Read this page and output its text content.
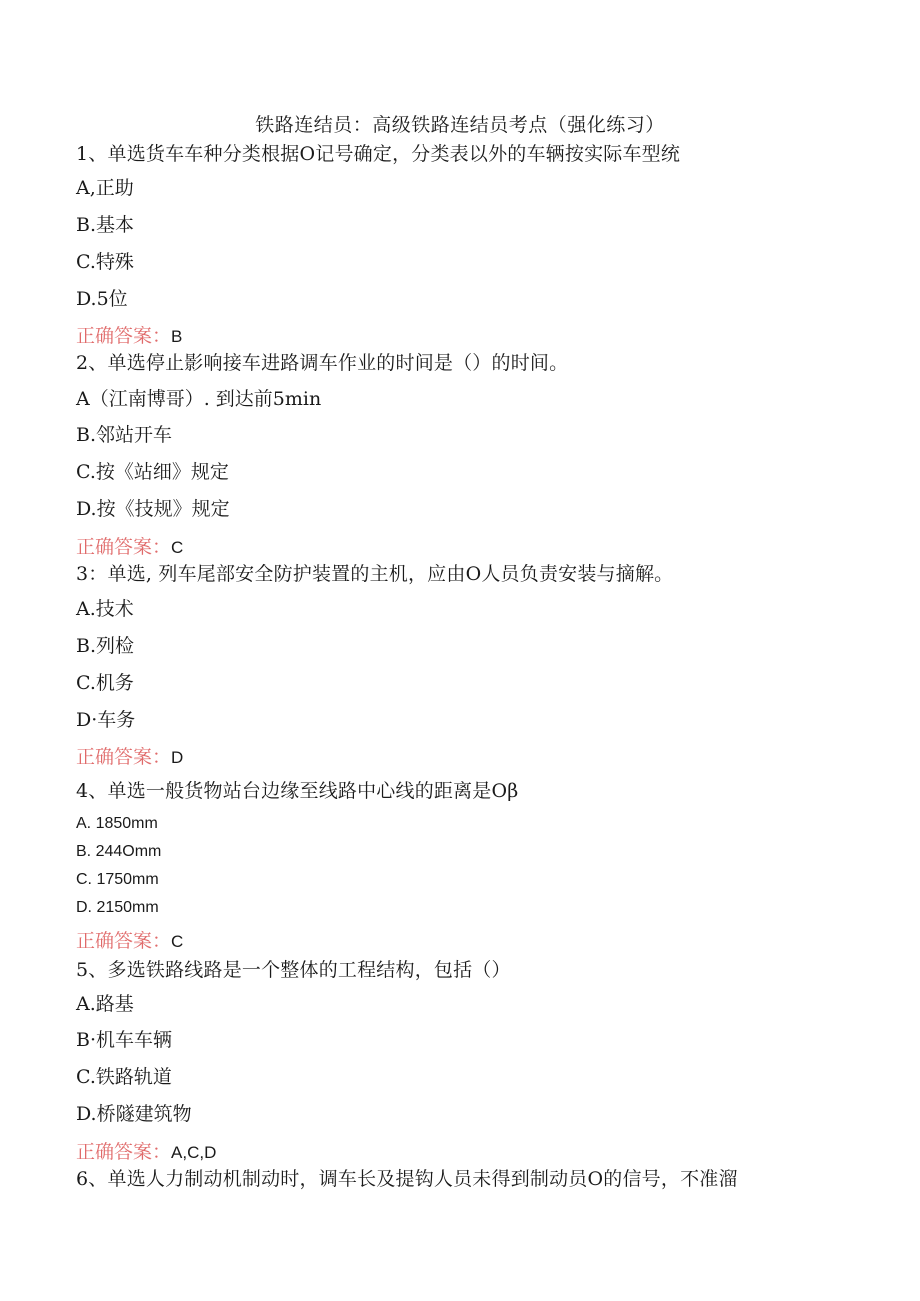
铁路连结员：高级铁路连结员考点（强化练习）
1、单选货车车种分类根据O记号确定，分类表以外的车辆按实际车型统
A,正助
B.基本
C.特殊
D.5位
正确答案：B
2、单选停止影响接车进路调车作业的时间是（）的时间。
A（江南博哥）. 到达前5min
B.邻站开车
C.按《站细》规定
D.按《技规》规定
正确答案：C
3：单选, 列车尾部安全防护装置的主机，应由O人员负责安装与摘解。
A.技术
B.列检
C.机务
D·车务
正确答案：D
4、单选一般货物站台边缘至线路中心线的距离是Oβ
A. 1850mm
B. 244Omm
C. 1750mm
D. 2150mm
正确答案：C
5、多选铁路线路是一个整体的工程结构，包括（）
A.路基
B·机车车辆
C.铁路轨道
D.桥隧建筑物
正确答案：A,C,D
6、单选人力制动机制动时，调车长及提钩人员未得到制动员O的信号，不准溜
